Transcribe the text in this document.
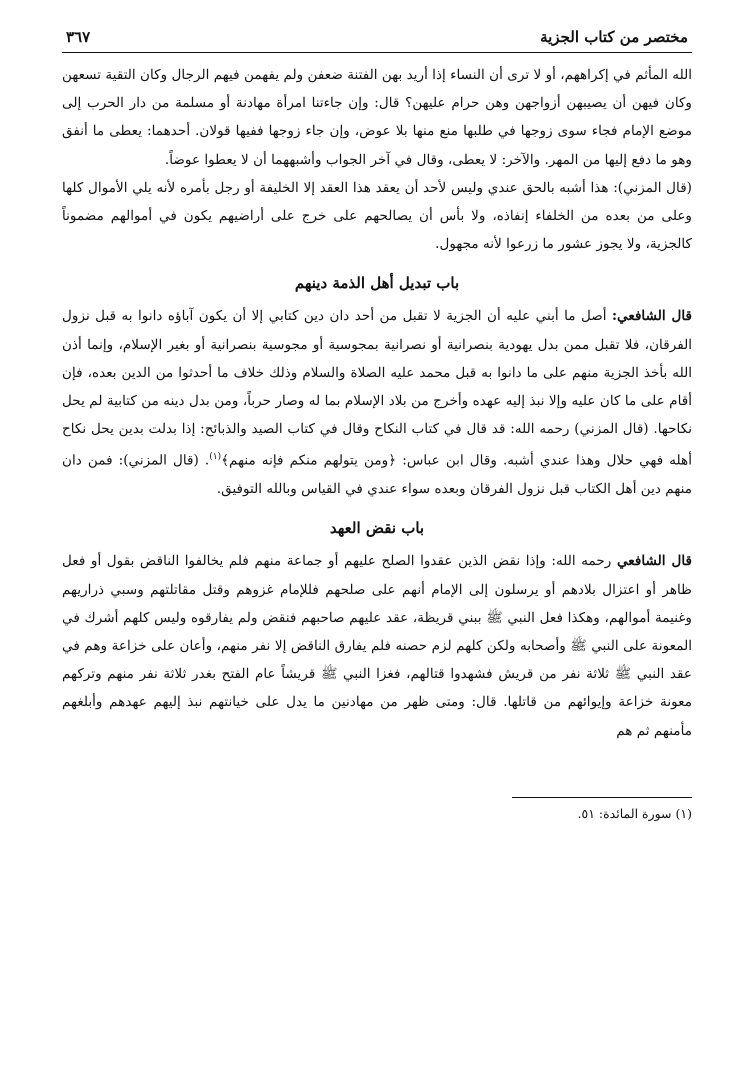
مختصر من كتاب الجزية
٣٦٧

الله المأثم في إكراههم، أو لا ترى أن النساء إذا أريد بهن الفتنة ضعفن ولم يفهمن فيهم الرجال وكان التقية تسعهن وكان فيهن أن يصيبهن أزواجهن وهن حرام عليهن؟ قال: وإن جاءتنا امرأة مهادنة أو مسلمة من دار الحرب إلى موضع الإمام فجاء سوى زوجها في طلبها منع منها بلا عوض، وإن جاء زوجها ففيها قولان. أحدهما: يعطى ما أنفق وهو ما دفع إليها من المهر. والآخر: لا يعطى، وقال في آخر الجواب وأشبههما أن لا يعطوا عوضاً.

(قال المزني): هذا أشبه بالحق عندي وليس لأحد أن يعقد هذا العقد إلا الخليفة أو رجل بأمره لأنه يلي الأموال كلها وعلى من بعده من الخلفاء إنفاذه، ولا بأس أن يصالحهم على خرج على أراضيهم يكون في أموالهم مضموناً كالجزية، ولا يجوز عشور ما زرعوا لأنه مجهول.

باب تبديل أهل الذمة دينهم

قال الشافعي: أصل ما أبني عليه أن الجزية لا تقبل من أحد دان دين كتابي إلا أن يكون آباؤه دانوا به قبل نزول الفرقان، فلا تقبل ممن بدل يهودية بنصرانية أو نصرانية بمجوسية أو مجوسية بنصرانية أو بغير الإسلام، وإنما أذن الله بأخذ الجزية منهم على ما دانوا به قبل محمد عليه الصلاة والسلام وذلك خلاف ما أحدثوا من الدين بعده، فإن أقام على ما كان عليه وإلا نبذ إليه عهده وأخرج من بلاد الإسلام بما له وصار حرباً، ومن بدل دينه من كتابية لم يحل نكاحها. (قال المزني) رحمه الله: قد قال في كتاب النكاح وقال في كتاب الصيد والذبائح: إذا بدلت بدين يحل نكاح أهله فهي حلال وهذا عندي أشبه. وقال ابن عباس: ﴿ومن يتولهم منكم فإنه منهم﴾$^{(١)}$. (قال المزني): فمن دان منهم دين أهل الكتاب قبل نزول الفرقان وبعده سواء عندي في القياس وبالله التوفيق.

باب نقض العهد

قال الشافعي رحمه الله: وإذا نقض الذين عقدوا الصلح عليهم أو جماعة منهم فلم يخالفوا الناقض بقول أو فعل ظاهر أو اعتزال بلادهم أو يرسلون إلى الإمام أنهم على صلحهم فللإمام غزوهم وقتل مقاتلتهم وسبي ذراريهم وغنيمة أموالهم، وهكذا فعل النبي ﷺ ببني قريظة، عقد عليهم صاحبهم فنقض ولم يفارقوه وليس كلهم أشرك في المعونة على النبي ﷺ وأصحابه ولكن كلهم لزم حصنه فلم يفارق الناقض إلا نفر منهم، وأعان على خزاعة وهم في عقد النبي ﷺ ثلاثة نفر من قريش فشهدوا قتالهم، فغزا النبي ﷺ قريشاً عام الفتح بغدر ثلاثة نفر منهم وتركهم معونة خزاعة وإيوائهم من قاتلها. قال: ومتى ظهر من مهادنين ما يدل على خيانتهم نبذ إليهم عهدهم وأبلغهم مأمنهم ثم هم

(١) سورة المائدة: ٥١.
